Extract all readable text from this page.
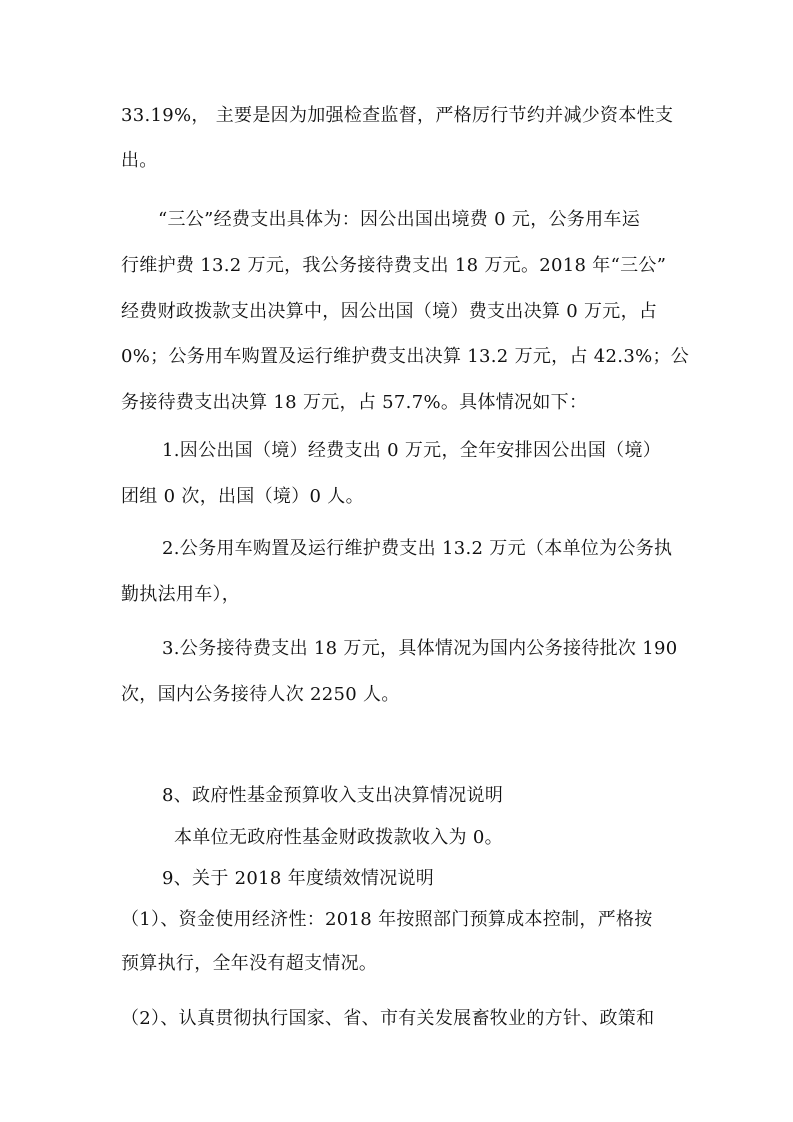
33.19%， 主要是因为加强检查监督，严格厉行节约并减少资本性支
出。
“三公”经费支出具体为：因公出国出境费 0 元，公务用车运
行维护费 13.2 万元，我公务接待费支出 18 万元。2018 年“三公”
经费财政拨款支出决算中，因公出国（境）费支出决算 0 万元，占
0%；公务用车购置及运行维护费支出决算 13.2 万元，占 42.3%；公
务接待费支出决算 18 万元，占 57.7%。具体情况如下：
1.因公出国（境）经费支出 0 万元，全年安排因公出国（境）
团组 0 次，出国（境）0 人。
2.公务用车购置及运行维护费支出 13.2 万元（本单位为公务执
勤执法用车），
3.公务接待费支出 18 万元，具体情况为国内公务接待批次 190
次，国内公务接待人次 2250 人。
8、政府性基金预算收入支出决算情况说明
本单位无政府性基金财政拨款收入为 0。
9、关于 2018 年度绩效情况说明
（1）、资金使用经济性：2018 年按照部门预算成本控制，严格按
预算执行，全年没有超支情况。
（2）、认真贯彻执行国家、省、市有关发展畜牧业的方针、政策和
